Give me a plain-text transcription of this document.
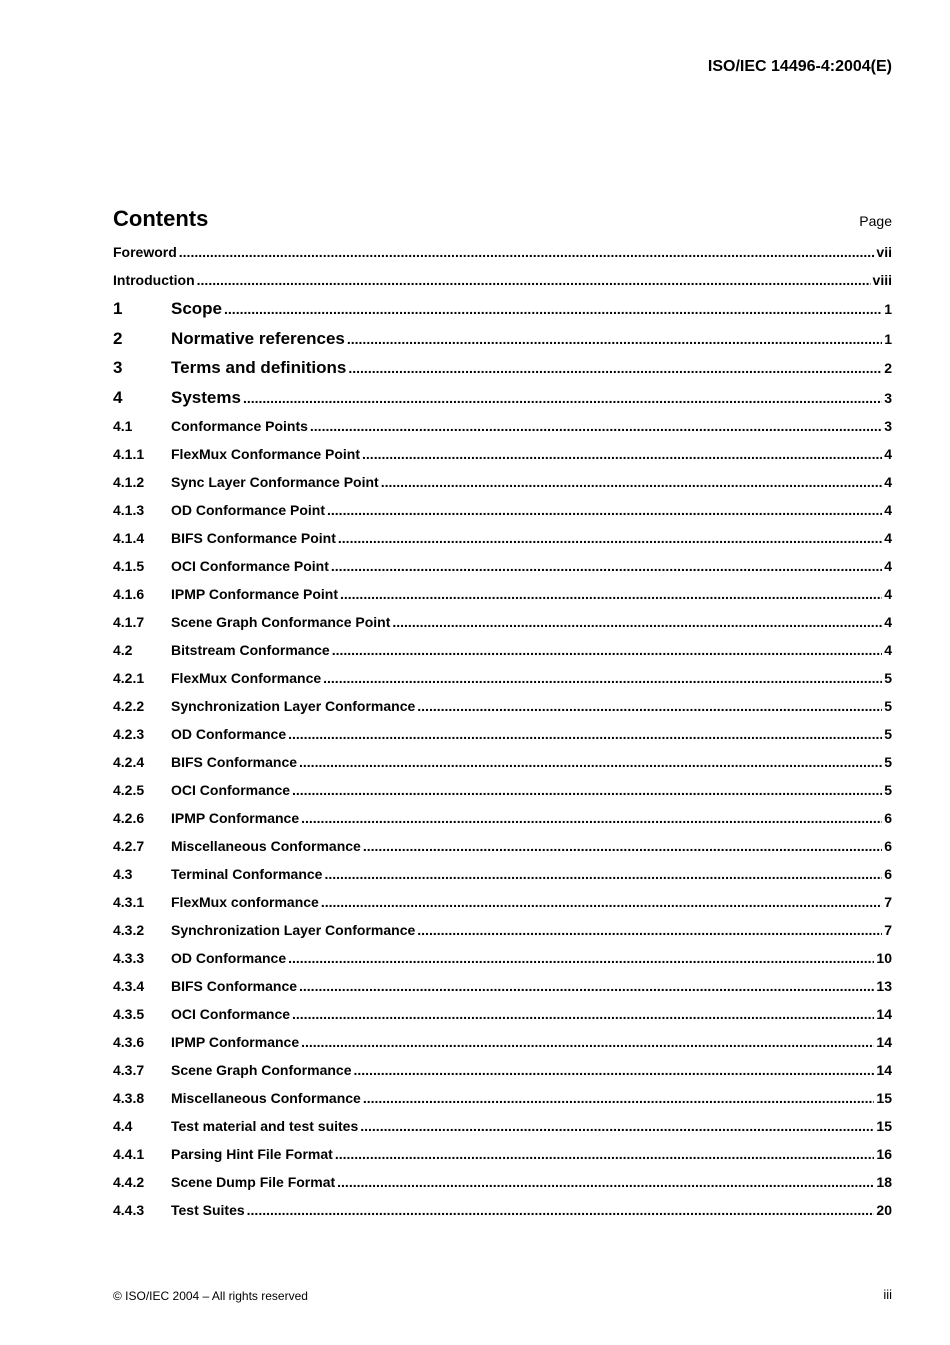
ISO/IEC 14496-4:2004(E)
Contents	Page
Foreword .....	vii
Introduction .....	viii
1	Scope .....	1
2	Normative references .....	1
3	Terms and definitions .....	2
4	Systems .....	3
4.1	Conformance Points .....	3
4.1.1	FlexMux Conformance Point .....	4
4.1.2	Sync Layer Conformance Point .....	4
4.1.3	OD Conformance Point .....	4
4.1.4	BIFS Conformance Point .....	4
4.1.5	OCI Conformance Point .....	4
4.1.6	IPMP Conformance Point .....	4
4.1.7	Scene Graph Conformance Point .....	4
4.2	Bitstream Conformance .....	4
4.2.1	FlexMux Conformance .....	5
4.2.2	Synchronization Layer Conformance .....	5
4.2.3	OD Conformance .....	5
4.2.4	BIFS Conformance .....	5
4.2.5	OCI Conformance .....	5
4.2.6	IPMP Conformance .....	6
4.2.7	Miscellaneous Conformance .....	6
4.3	Terminal Conformance .....	6
4.3.1	FlexMux conformance .....	7
4.3.2	Synchronization Layer Conformance .....	7
4.3.3	OD Conformance .....	10
4.3.4	BIFS Conformance .....	13
4.3.5	OCI Conformance .....	14
4.3.6	IPMP Conformance .....	14
4.3.7	Scene Graph Conformance .....	14
4.3.8	Miscellaneous Conformance .....	15
4.4	Test material and test suites .....	15
4.4.1	Parsing Hint File Format .....	16
4.4.2	Scene Dump File Format .....	18
4.4.3	Test Suites .....	20
© ISO/IEC 2004 – All rights reserved	iii
